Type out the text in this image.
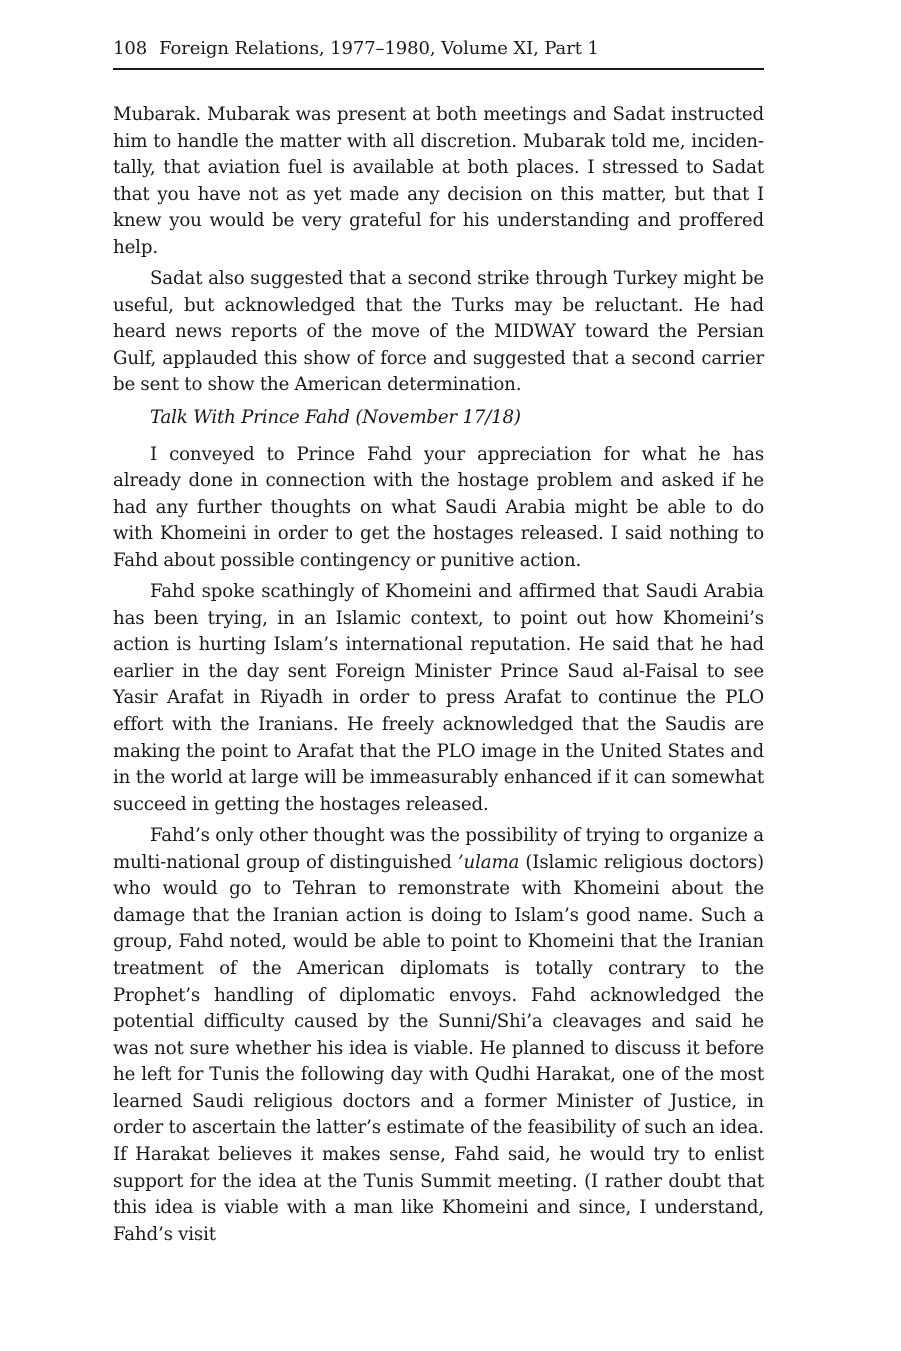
108 Foreign Relations, 1977–1980, Volume XI, Part 1

Mubarak. Mubarak was present at both meetings and Sadat instructed him to handle the matter with all discretion. Mubarak told me, incidentally, that aviation fuel is available at both places. I stressed to Sadat that you have not as yet made any decision on this matter, but that I knew you would be very grateful for his understanding and proffered help.

Sadat also suggested that a second strike through Turkey might be useful, but acknowledged that the Turks may be reluctant. He had heard news reports of the move of the MIDWAY toward the Persian Gulf, applauded this show of force and suggested that a second carrier be sent to show the American determination.

Talk With Prince Fahd (November 17/18)

I conveyed to Prince Fahd your appreciation for what he has already done in connection with the hostage problem and asked if he had any further thoughts on what Saudi Arabia might be able to do with Khomeini in order to get the hostages released. I said nothing to Fahd about possible contingency or punitive action.

Fahd spoke scathingly of Khomeini and affirmed that Saudi Arabia has been trying, in an Islamic context, to point out how Khomeini’s action is hurting Islam’s international reputation. He said that he had earlier in the day sent Foreign Minister Prince Saud al-Faisal to see Yasir Arafat in Riyadh in order to press Arafat to continue the PLO effort with the Iranians. He freely acknowledged that the Saudis are making the point to Arafat that the PLO image in the United States and in the world at large will be immeasurably enhanced if it can somewhat succeed in getting the hostages released.

Fahd’s only other thought was the possibility of trying to organize a multi-national group of distinguished ’ulama (Islamic religious doctors) who would go to Tehran to remonstrate with Khomeini about the damage that the Iranian action is doing to Islam’s good name. Such a group, Fahd noted, would be able to point to Khomeini that the Iranian treatment of the American diplomats is totally contrary to the Prophet’s handling of diplomatic envoys. Fahd acknowledged the potential difficulty caused by the Sunni/Shi’a cleavages and said he was not sure whether his idea is viable. He planned to discuss it before he left for Tunis the following day with Qudhi Harakat, one of the most learned Saudi religious doctors and a former Minister of Justice, in order to ascertain the latter’s estimate of the feasibility of such an idea. If Harakat believes it makes sense, Fahd said, he would try to enlist support for the idea at the Tunis Summit meeting. (I rather doubt that this idea is viable with a man like Khomeini and since, I understand, Fahd’s visit
